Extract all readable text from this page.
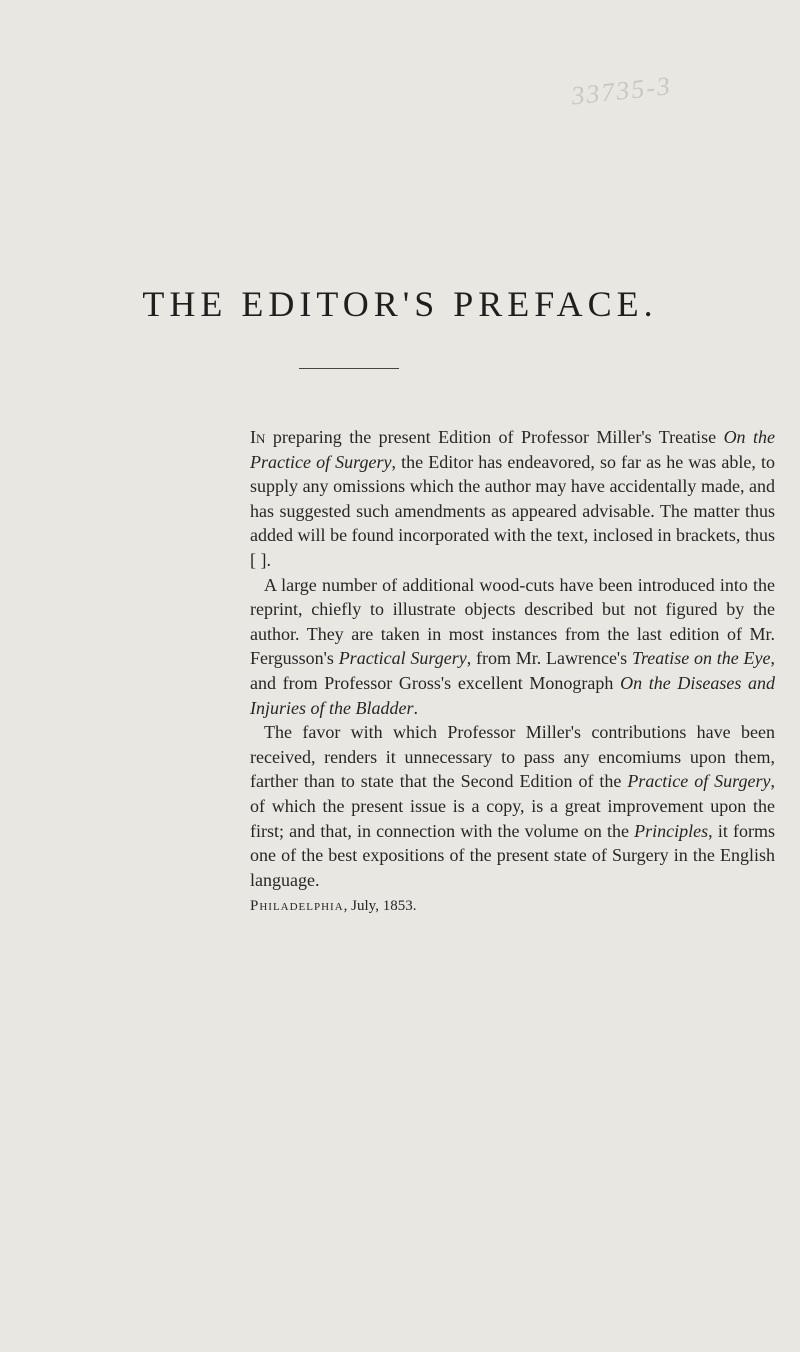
33735-3
THE EDITOR'S PREFACE.

In preparing the present Edition of Professor Miller's Treatise On the Practice of Surgery, the Editor has endeavored, so far as he was able, to supply any omissions which the author may have accidentally made, and has suggested such amendments as appeared advisable. The matter thus added will be found incorporated with the text, inclosed in brackets, thus [ ].

A large number of additional wood-cuts have been introduced into the reprint, chiefly to illustrate objects described but not figured by the author. They are taken in most instances from the last edition of Mr. Fergusson's Practical Surgery, from Mr. Lawrence's Treatise on the Eye, and from Professor Gross's excellent Monograph On the Diseases and Injuries of the Bladder.

The favor with which Professor Miller's contributions have been received, renders it unnecessary to pass any encomiums upon them, farther than to state that the Second Edition of the Practice of Surgery, of which the present issue is a copy, is a great improvement upon the first; and that, in connection with the volume on the Principles, it forms one of the best expositions of the present state of Surgery in the English language.

Philadelphia, July, 1853.
